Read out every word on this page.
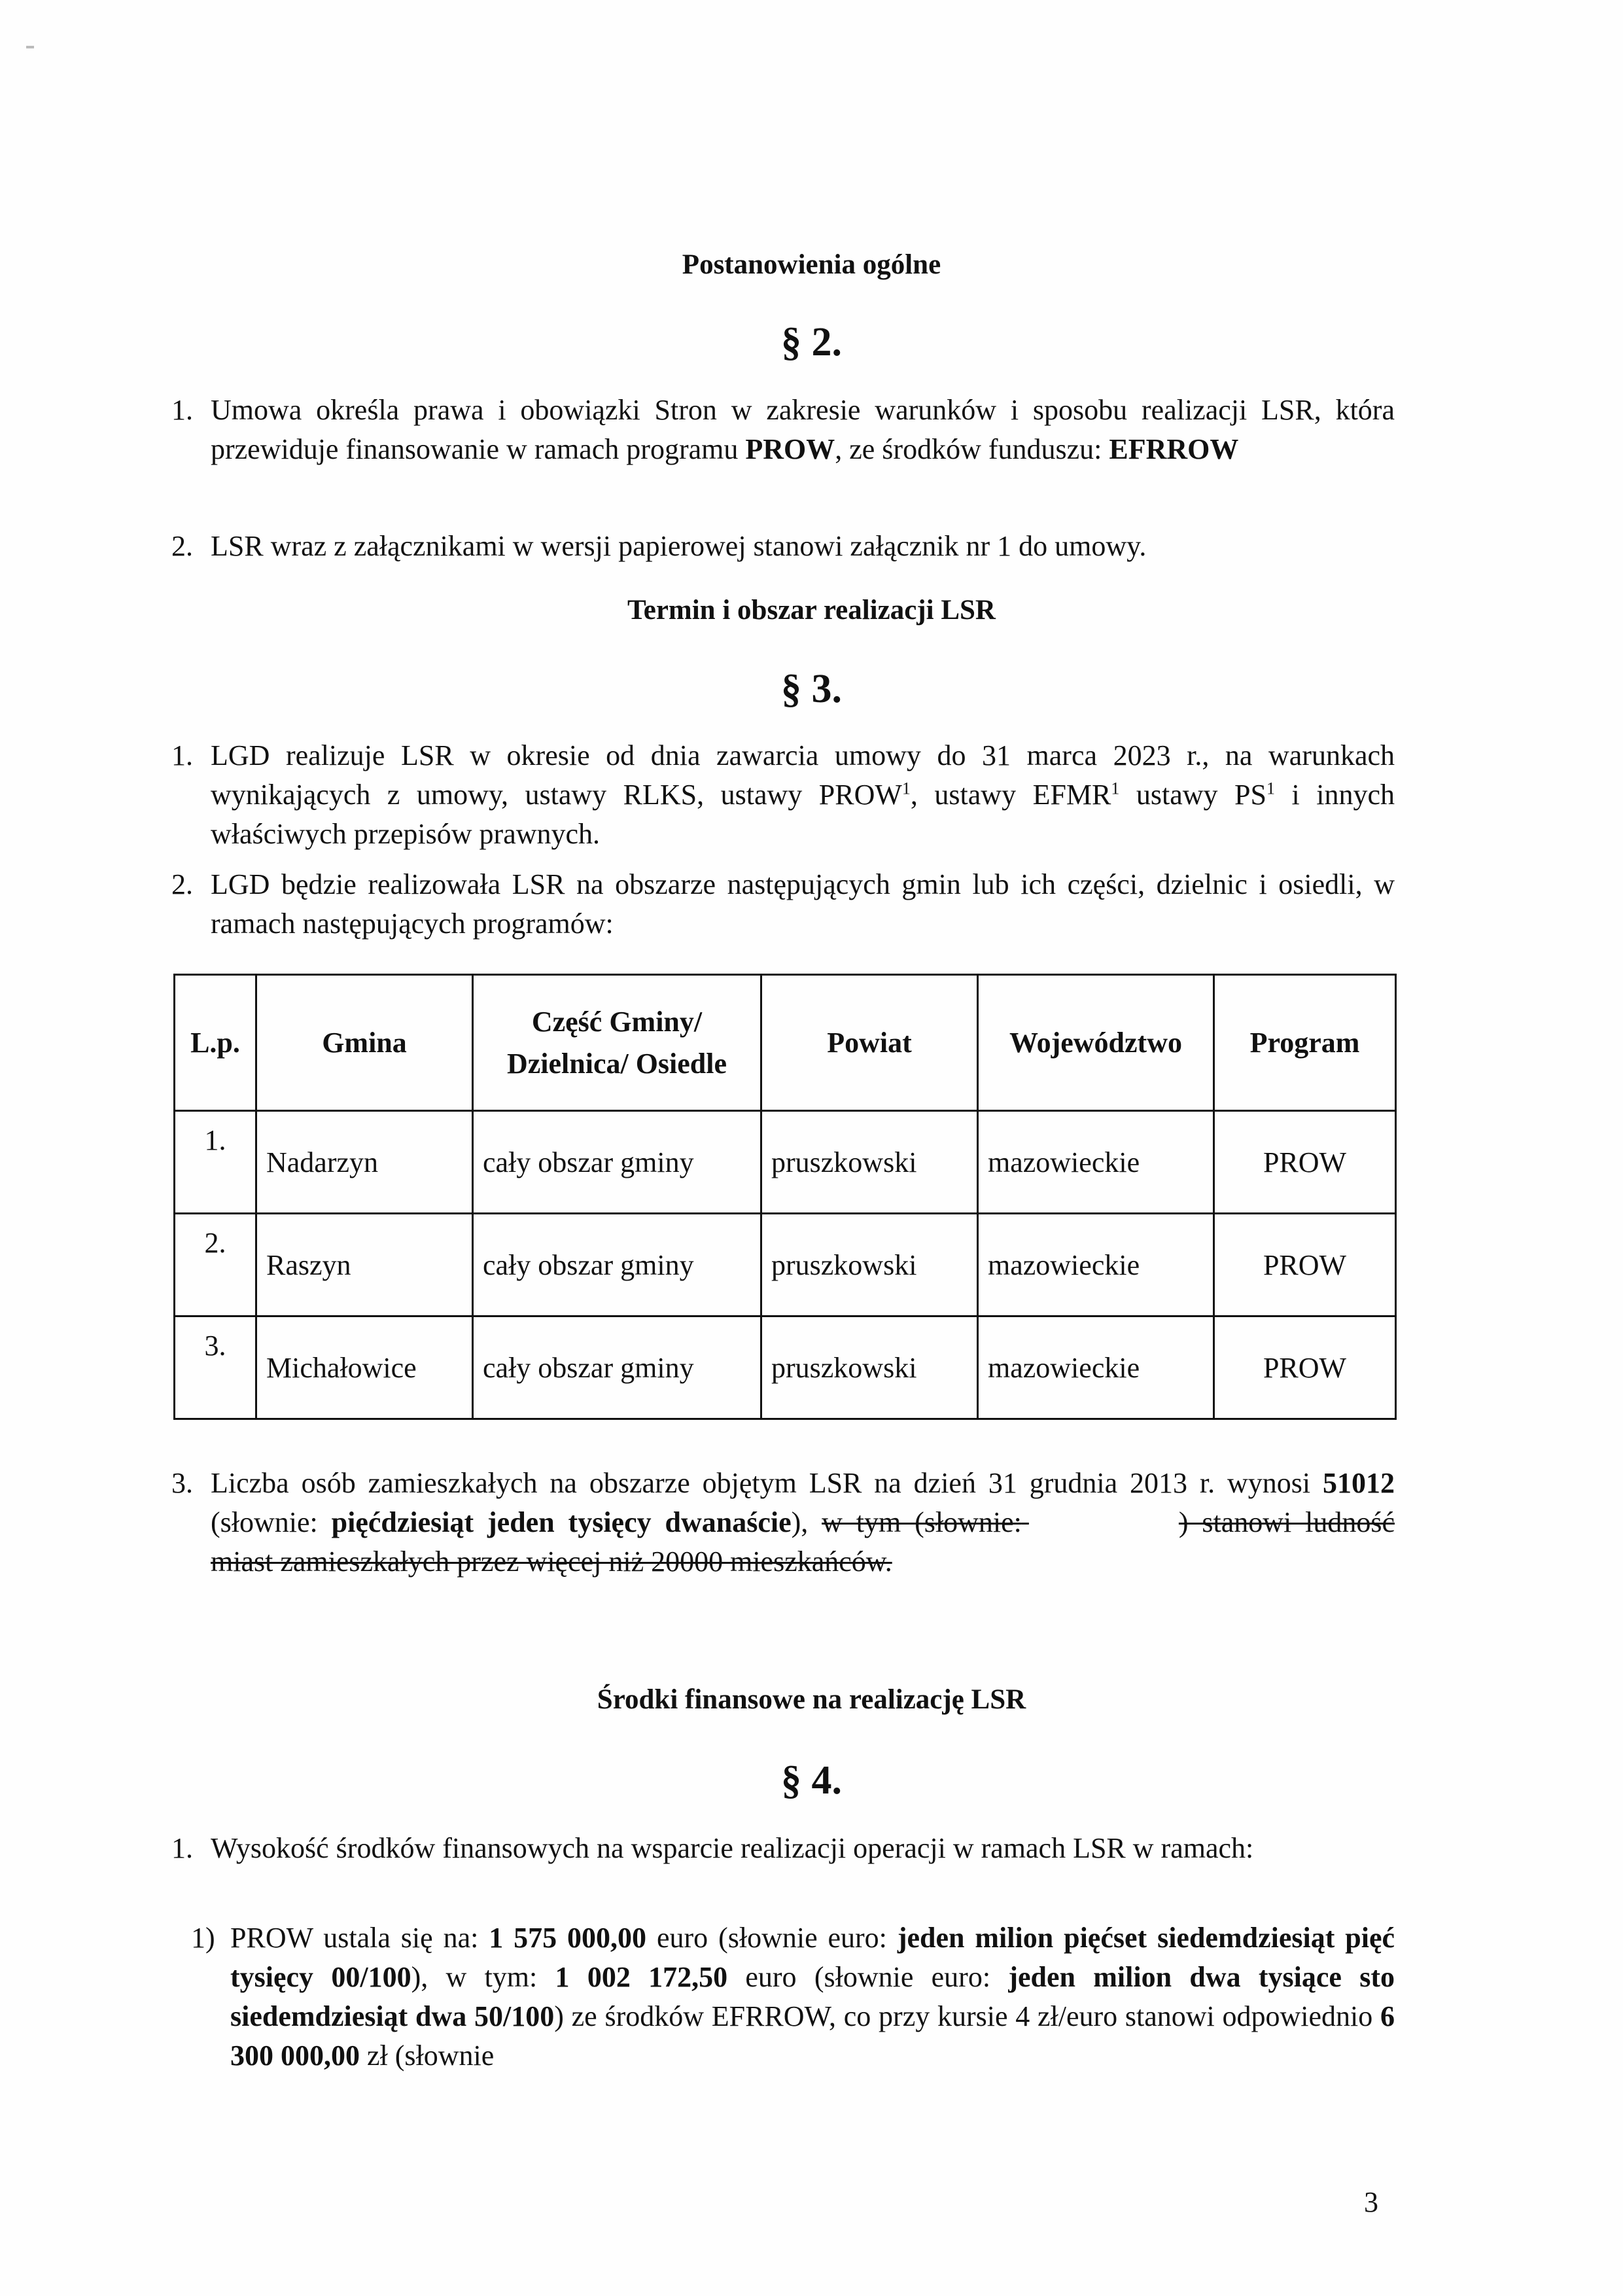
Postanowienia ogólne
§ 2.
1. Umowa określa prawa i obowiązki Stron w zakresie warunków i sposobu realizacji LSR, która przewiduje finansowanie w ramach programu PROW, ze środków funduszu: EFRROW
2. LSR wraz z załącznikami w wersji papierowej stanowi załącznik nr 1 do umowy.
Termin i obszar realizacji LSR
§ 3.
1. LGD realizuje LSR w okresie od dnia zawarcia umowy do 31 marca 2023 r., na warunkach wynikających z umowy, ustawy RLKS, ustawy PROW$^1$, ustawy EFMR$^1$ ustawy $PS^1$ i innych właściwych przepisów prawnych.
2. LGD będzie realizowała LSR na obszarze następujących gmin lub ich części, dzielnic i osiedli, w ramach następujących programów:
L.p.	Gmina	Część Gminy/ Dzielnica/ Osiedle	Powiat	Województwo	Program
1.	Nadarzyn	cały obszar gminy	pruszkowski	mazowieckie	PROW
2.	Raszyn	cały obszar gminy	pruszkowski	mazowieckie	PROW
3.	Michałowice	cały obszar gminy	pruszkowski	mazowieckie	PROW
3. Liczba osób zamieszkałych na obszarze objętym LSR na dzień 31 grudnia 2013 r. wynosi 51012 (słownie: pięćdziesiąt jeden tysięcy dwanaście), w tym (słownie:	) stanowi ludność miast zamieszkałych przez więcej niż 20000 mieszkańców.
Środki finansowe na realizację LSR
§ 4.
1. Wysokość środków finansowych na wsparcie realizacji operacji w ramach LSR w ramach:
1) PROW ustala się na: 1 575 000,00 euro (słownie euro: jeden milion pięćset siedemdziesiąt pięć tysięcy 00/100), w tym: 1 002 172,50 euro (słownie euro: jeden milion dwa tysiące sto siedemdziesiąt dwa 50/100) ze środków EFRROW, co przy kursie 4 zł/euro stanowi odpowiednio 6 300 000,00 zł (słownie
3
